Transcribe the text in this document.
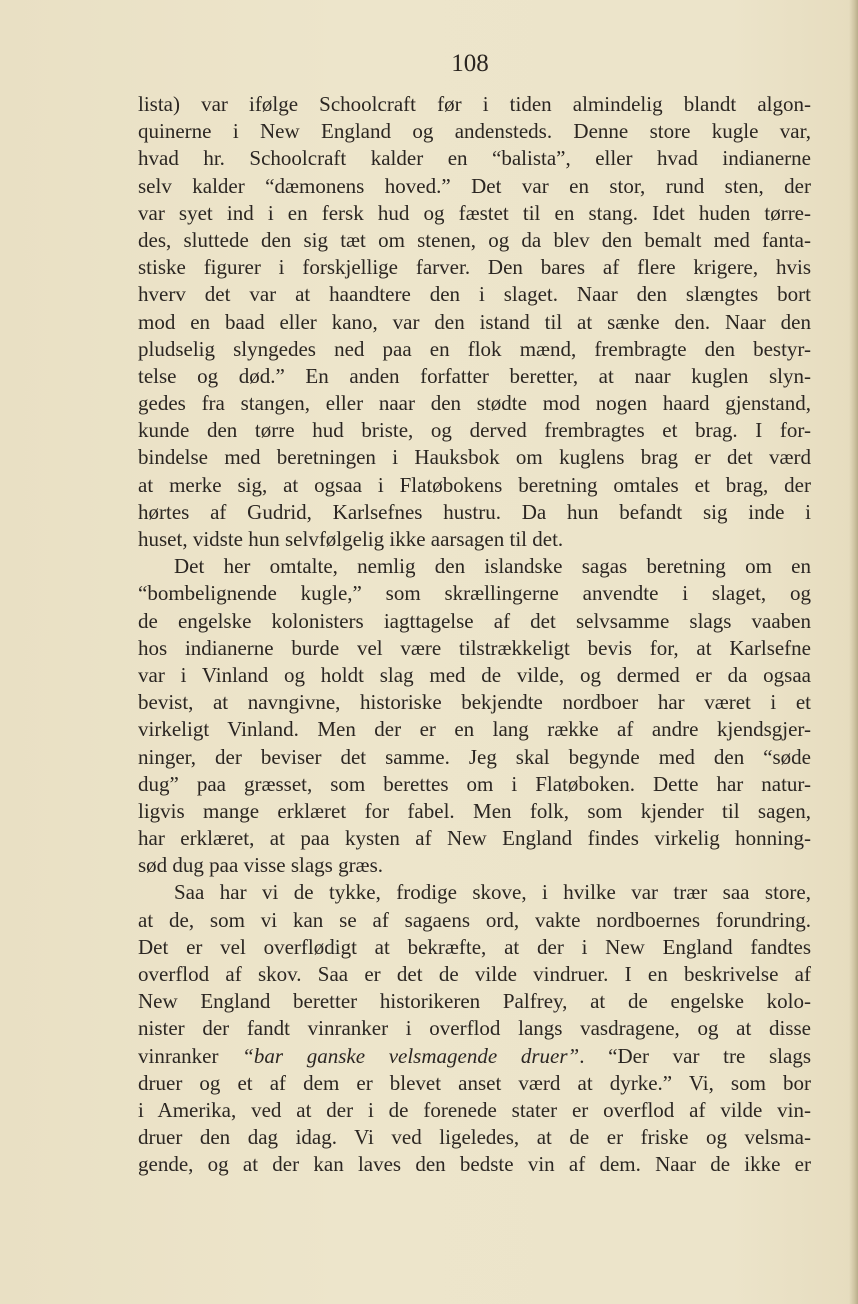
108
lista) var ifølge Schoolcraft før i tiden almindelig blandt algon-
quinerne i New England og andensteds. Denne store kugle var,
hvad hr. Schoolcraft kalder en “balista”, eller hvad indianerne
selv kalder “dæmonens hoved.” Det var en stor, rund sten, der
var syet ind i en fersk hud og fæstet til en stang. Idet huden tørre-
des, sluttede den sig tæt om stenen, og da blev den bemalt med fanta-
stiske figurer i forskjellige farver. Den bares af flere krigere, hvis
hverv det var at haandtere den i slaget. Naar den slængtes bort
mod en baad eller kano, var den istand til at sænke den. Naar den
pludselig slyngedes ned paa en flok mænd, frembragte den bestyr-
telse og død.” En anden forfatter beretter, at naar kuglen slyn-
gedes fra stangen, eller naar den stødte mod nogen haard gjenstand,
kunde den tørre hud briste, og derved frembragtes et brag. I for-
bindelse med beretningen i Hauksbok om kuglens brag er det værd
at merke sig, at ogsaa i Flatøbokens beretning omtales et brag, der
hørtes af Gudrid, Karlsefnes hustru. Da hun befandt sig inde i
huset, vidste hun selvfølgelig ikke aarsagen til det.
Det her omtalte, nemlig den islandske sagas beretning om en
“bombelignende kugle,” som skrællingerne anvendte i slaget, og
de engelske kolonisters iagttagelse af det selvsamme slags vaaben
hos indianerne burde vel være tilstrækkeligt bevis for, at Karlsefne
var i Vinland og holdt slag med de vilde, og dermed er da ogsaa
bevist, at navngivne, historiske bekjendte nordboer har været i et
virkeligt Vinland. Men der er en lang række af andre kjendsgjer-
ninger, der beviser det samme. Jeg skal begynde med den “søde
dug” paa græsset, som berettes om i Flatøboken. Dette har natur-
ligvis mange erklæret for fabel. Men folk, som kjender til sagen,
har erklæret, at paa kysten af New England findes virkelig honning-
sød dug paa visse slags græs.
Saa har vi de tykke, frodige skove, i hvilke var trær saa store,
at de, som vi kan se af sagaens ord, vakte nordboernes forundring.
Det er vel overflødigt at bekræfte, at der i New England fandtes
overflod af skov. Saa er det de vilde vindruer. I en beskrivelse af
New England beretter historikeren Palfrey, at de engelske kolo-
nister der fandt vinranker i overflod langs vasdragene, og at disse
vinranker “bar ganske velsmagende druer”. “Der var tre slags
druer og et af dem er blevet anset værd at dyrke.” Vi, som bor
i Amerika, ved at der i de forenede stater er overflod af vilde vin-
druer den dag idag. Vi ved ligeledes, at de er friske og velsma-
gende, og at der kan laves den bedste vin af dem. Naar de ikke er
